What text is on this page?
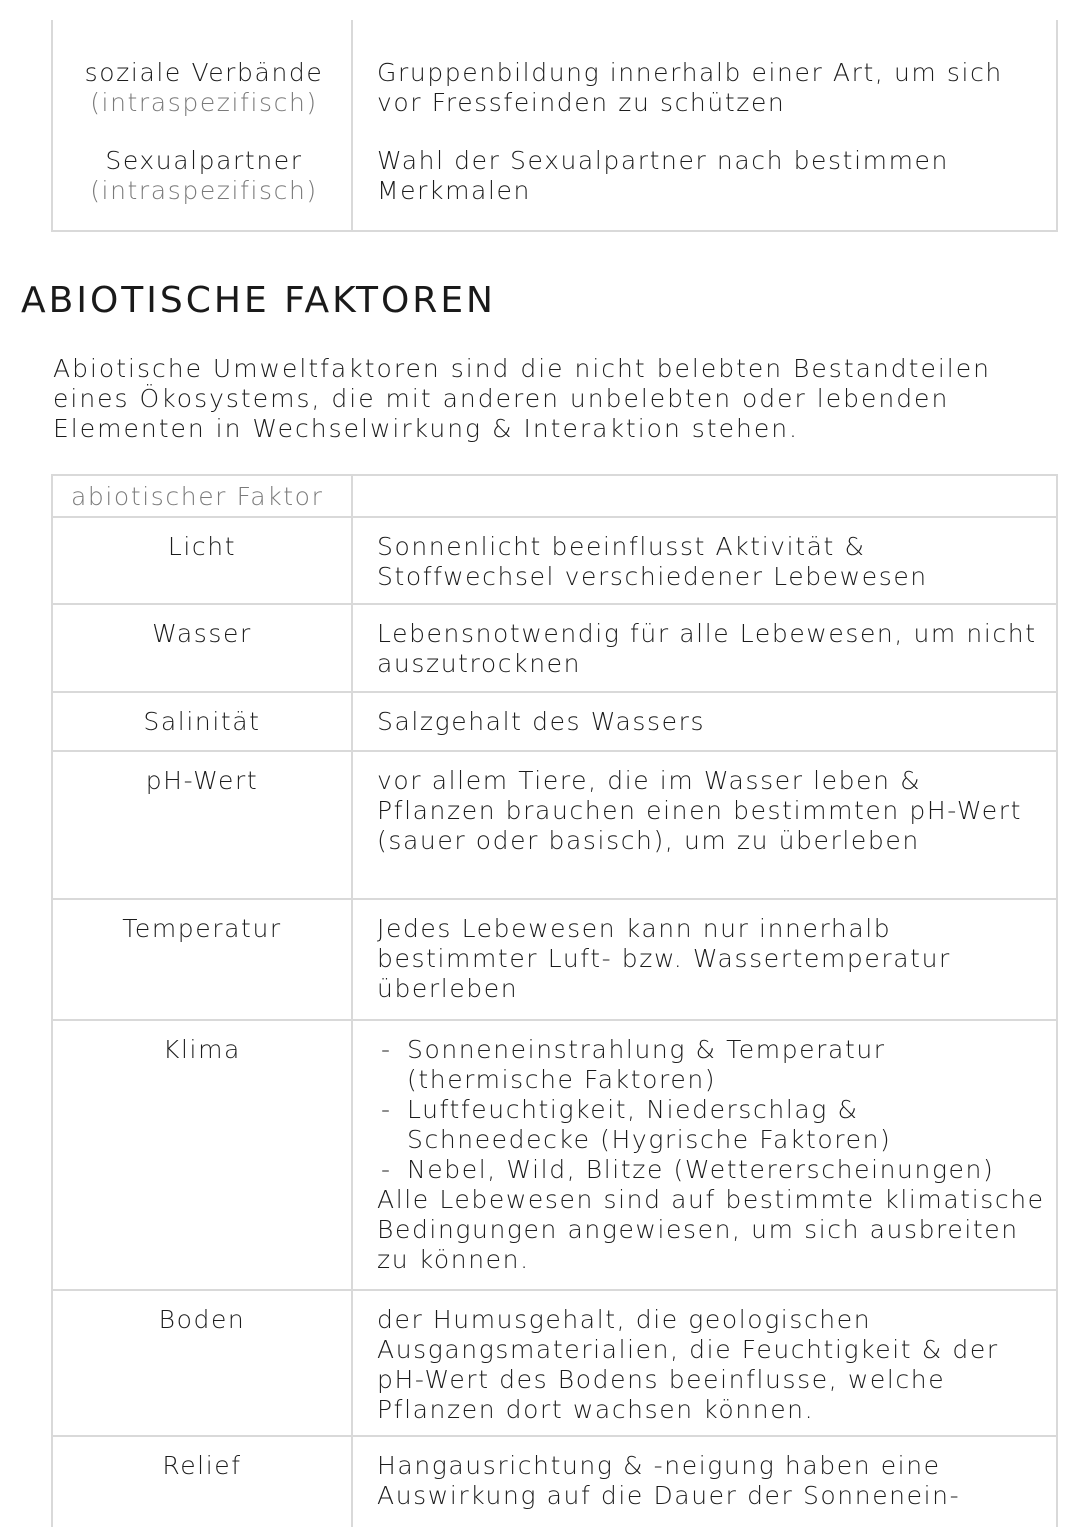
soziale Verbände
(intraspezifisch)
Gruppenbildung innerhalb einer Art, um sich vor Fressfeinden zu schützen
Sexualpartner
(intraspezifisch)
Wahl der Sexualpartner nach bestimmen Merkmalen
ABIOTISCHE FAKTOREN
Abiotische Umweltfaktoren sind die nicht belebten Bestandteilen eines Ökosystems, die mit anderen unbelebten oder lebenden Elementen in Wechselwirkung & Interaktion stehen.
abiotischer Faktor
Licht	Sonnenlicht beeinflusst Aktivität & Stoffwechsel verschiedener Lebewesen
Wasser	Lebensnotwendig für alle Lebewesen, um nicht auszutrocknen
Salinität	Salzgehalt des Wassers
pH-Wert	vor allem Tiere, die im Wasser leben & Pflanzen brauchen einen bestimmten pH-Wert (sauer oder basisch), um zu überleben
Temperatur	Jedes Lebewesen kann nur innerhalb bestimmter Luft- bzw. Wassertemperatur überleben
Klima
-	Sonneneinstrahlung & Temperatur (thermische Faktoren)
- Luftfeuchtigkeit, Niederschlag & Schneedecke (Hygrische Faktoren)
- Nebel, Wild, Blitze (Wettererscheinungen)
Alle Lebewesen sind auf bestimmte klimatische Bedingungen angewiesen, um sich ausbreiten zu können.
Boden	der Humusgehalt, die geologischen Ausgangsmaterialien, die Feuchtigkeit & der pH-Wert des Bodens beeinflusse, welche Pflanzen dort wachsen können.
Relief	Hangausrichtung & -neigung haben eine Auswirkung auf die Dauer der Sonnenein-
